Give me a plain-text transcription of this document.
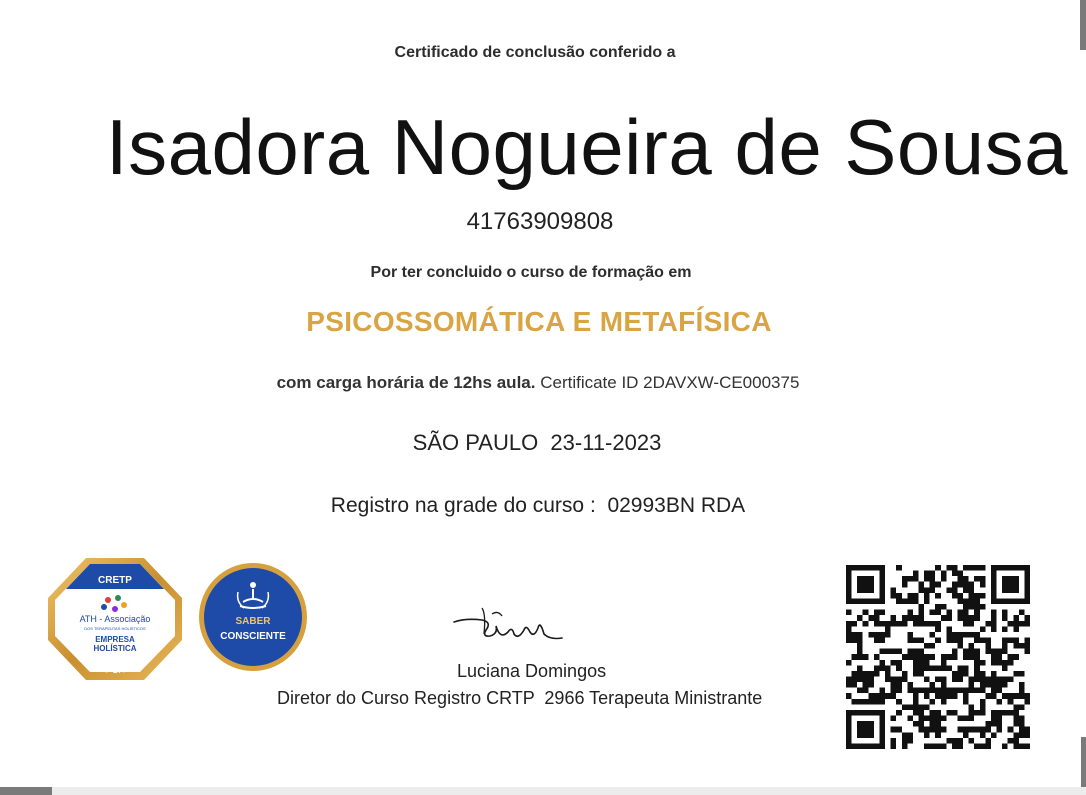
Certificado de conclusão conferido a
Isadora Nogueira de Sousa
41763909808
Por ter concluido o curso de formação em
PSICOSSOMÁTICA E METAFÍSICA
com carga horária de 12hs aula. Certificate ID 2DAVXW-CE000375
SÃO PAULO  23-11-2023
Registro na grade do curso :  02993BN RDA
CRETP
ATH - Associação
DOS TERAPEUTAS HOLÍSTICOS
EMPRESA
HOLÍSTICA
INSTITUIÇÃO CREDENCIADA
SABER
CONSCIENTE
Luciana Domingos
Diretor do Curso Registro CRTP  2966 Terapeuta Ministrante
